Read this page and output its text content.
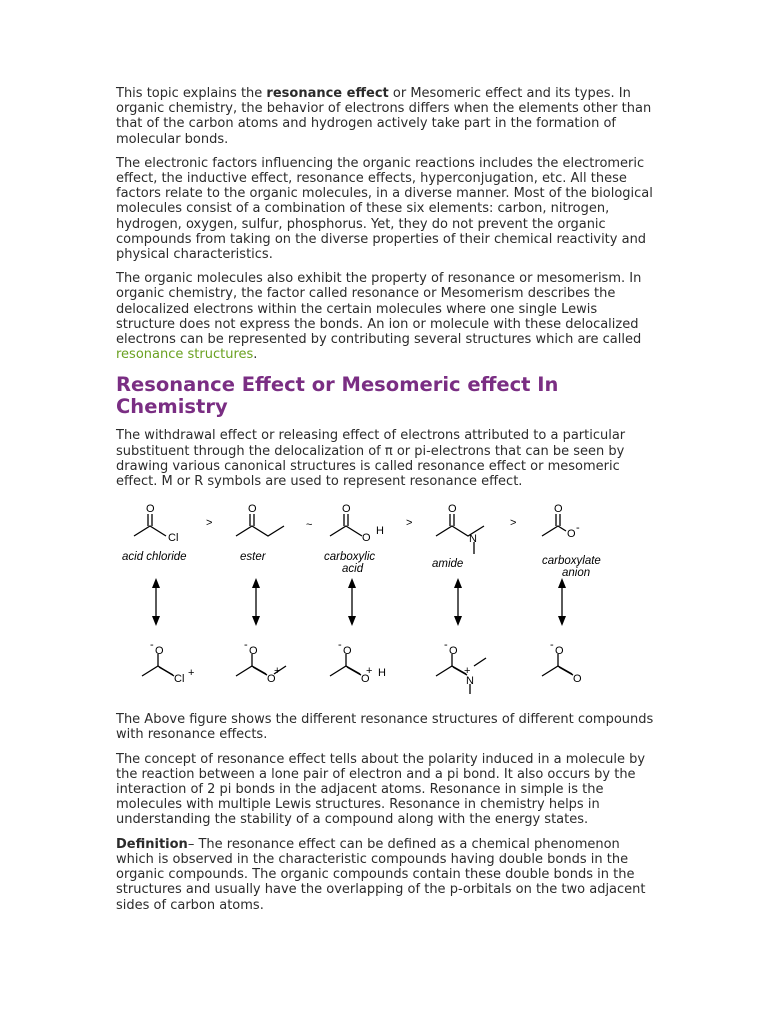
This topic explains the resonance effect or Mesomeric effect and its types. In organic chemistry, the behavior of electrons differs when the elements other than that of the carbon atoms and hydrogen actively take part in the formation of molecular bonds.

The electronic factors influencing the organic reactions includes the electromeric effect, the inductive effect, resonance effects, hyperconjugation, etc. All these factors relate to the organic molecules, in a diverse manner. Most of the biological molecules consist of a combination of these six elements: carbon, nitrogen, hydrogen, oxygen, sulfur, phosphorus. Yet, they do not prevent the organic compounds from taking on the diverse properties of their chemical reactivity and physical characteristics.

The organic molecules also exhibit the property of resonance or mesomerism. In organic chemistry, the factor called resonance or Mesomerism describes the delocalized electrons within the certain molecules where one single Lewis structure does not express the bonds. An ion or molecule with these delocalized electrons can be represented by contributing several structures which are called resonance structures.

Resonance Effect or Mesomeric effect In Chemistry

The withdrawal effect or releasing effect of electrons attributed to a particular substituent through the delocalization of π or pi-electrons that can be seen by drawing various canonical structures is called resonance effect or mesomeric effect. M or R symbols are used to represent resonance effect.

O
Cl
O	O
O
H
O
N
O
O -
>	~	>	>
acid chloride	ester	carboxylic
acid	amide	carboxylate
anion
- O
Cl +
- O
O
+
- O
O
+ H
- O
+
N
- O
O

The Above figure shows the different resonance structures of different compounds with resonance effects.

The concept of resonance effect tells about the polarity induced in a molecule by the reaction between a lone pair of electron and a pi bond. It also occurs by the interaction of 2 pi bonds in the adjacent atoms. Resonance in simple is the molecules with multiple Lewis structures. Resonance in chemistry helps in understanding the stability of a compound along with the energy states.

Definition– The resonance effect can be defined as a chemical phenomenon which is observed in the characteristic compounds having double bonds in the organic compounds. The organic compounds contain these double bonds in the structures and usually have the overlapping of the p-orbitals on the two adjacent sides of carbon atoms.
